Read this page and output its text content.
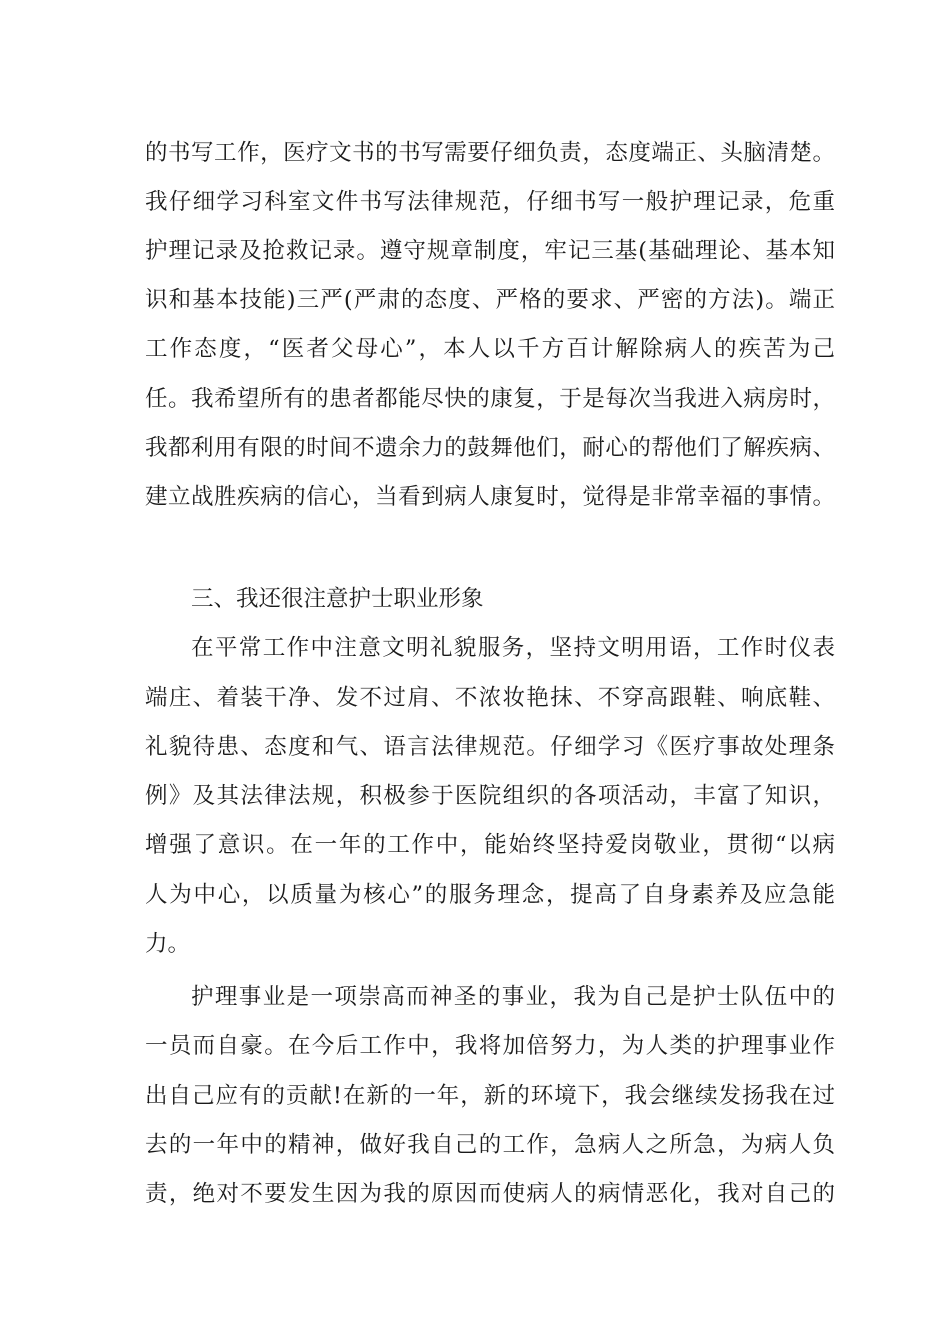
的书写工作，医疗文书的书写需要仔细负责，态度端正、头脑清楚。
我仔细学习科室文件书写法律规范，仔细书写一般护理记录，危重
护理记录及抢救记录。遵守规章制度，牢记三基(基础理论、基本知
识和基本技能)三严(严肃的态度、严格的要求、严密的方法)。端正
工作态度，“医者父母心”，本人以千方百计解除病人的疾苦为己
任。我希望所有的患者都能尽快的康复，于是每次当我进入病房时，
我都利用有限的时间不遗余力的鼓舞他们，耐心的帮他们了解疾病、
建立战胜疾病的信心，当看到病人康复时，觉得是非常幸福的事情。
三、我还很注意护士职业形象
在平常工作中注意文明礼貌服务，坚持文明用语，工作时仪表
端庄、着装干净、发不过肩、不浓妆艳抹、不穿高跟鞋、响底鞋、
礼貌待患、态度和气、语言法律规范。仔细学习《医疗事故处理条
例》及其法律法规，积极参于医院组织的各项活动，丰富了知识，
增强了意识。在一年的工作中，能始终坚持爱岗敬业，贯彻“以病
人为中心，以质量为核心”的服务理念，提高了自身素养及应急能
力。
护理事业是一项崇高而神圣的事业，我为自己是护士队伍中的
一员而自豪。在今后工作中，我将加倍努力，为人类的护理事业作
出自己应有的贡献!在新的一年，新的环境下，我会继续发扬我在过
去的一年中的精神，做好我自己的工作，急病人之所急，为病人负
责，绝对不要发生因为我的原因而使病人的病情恶化，我对自己的
